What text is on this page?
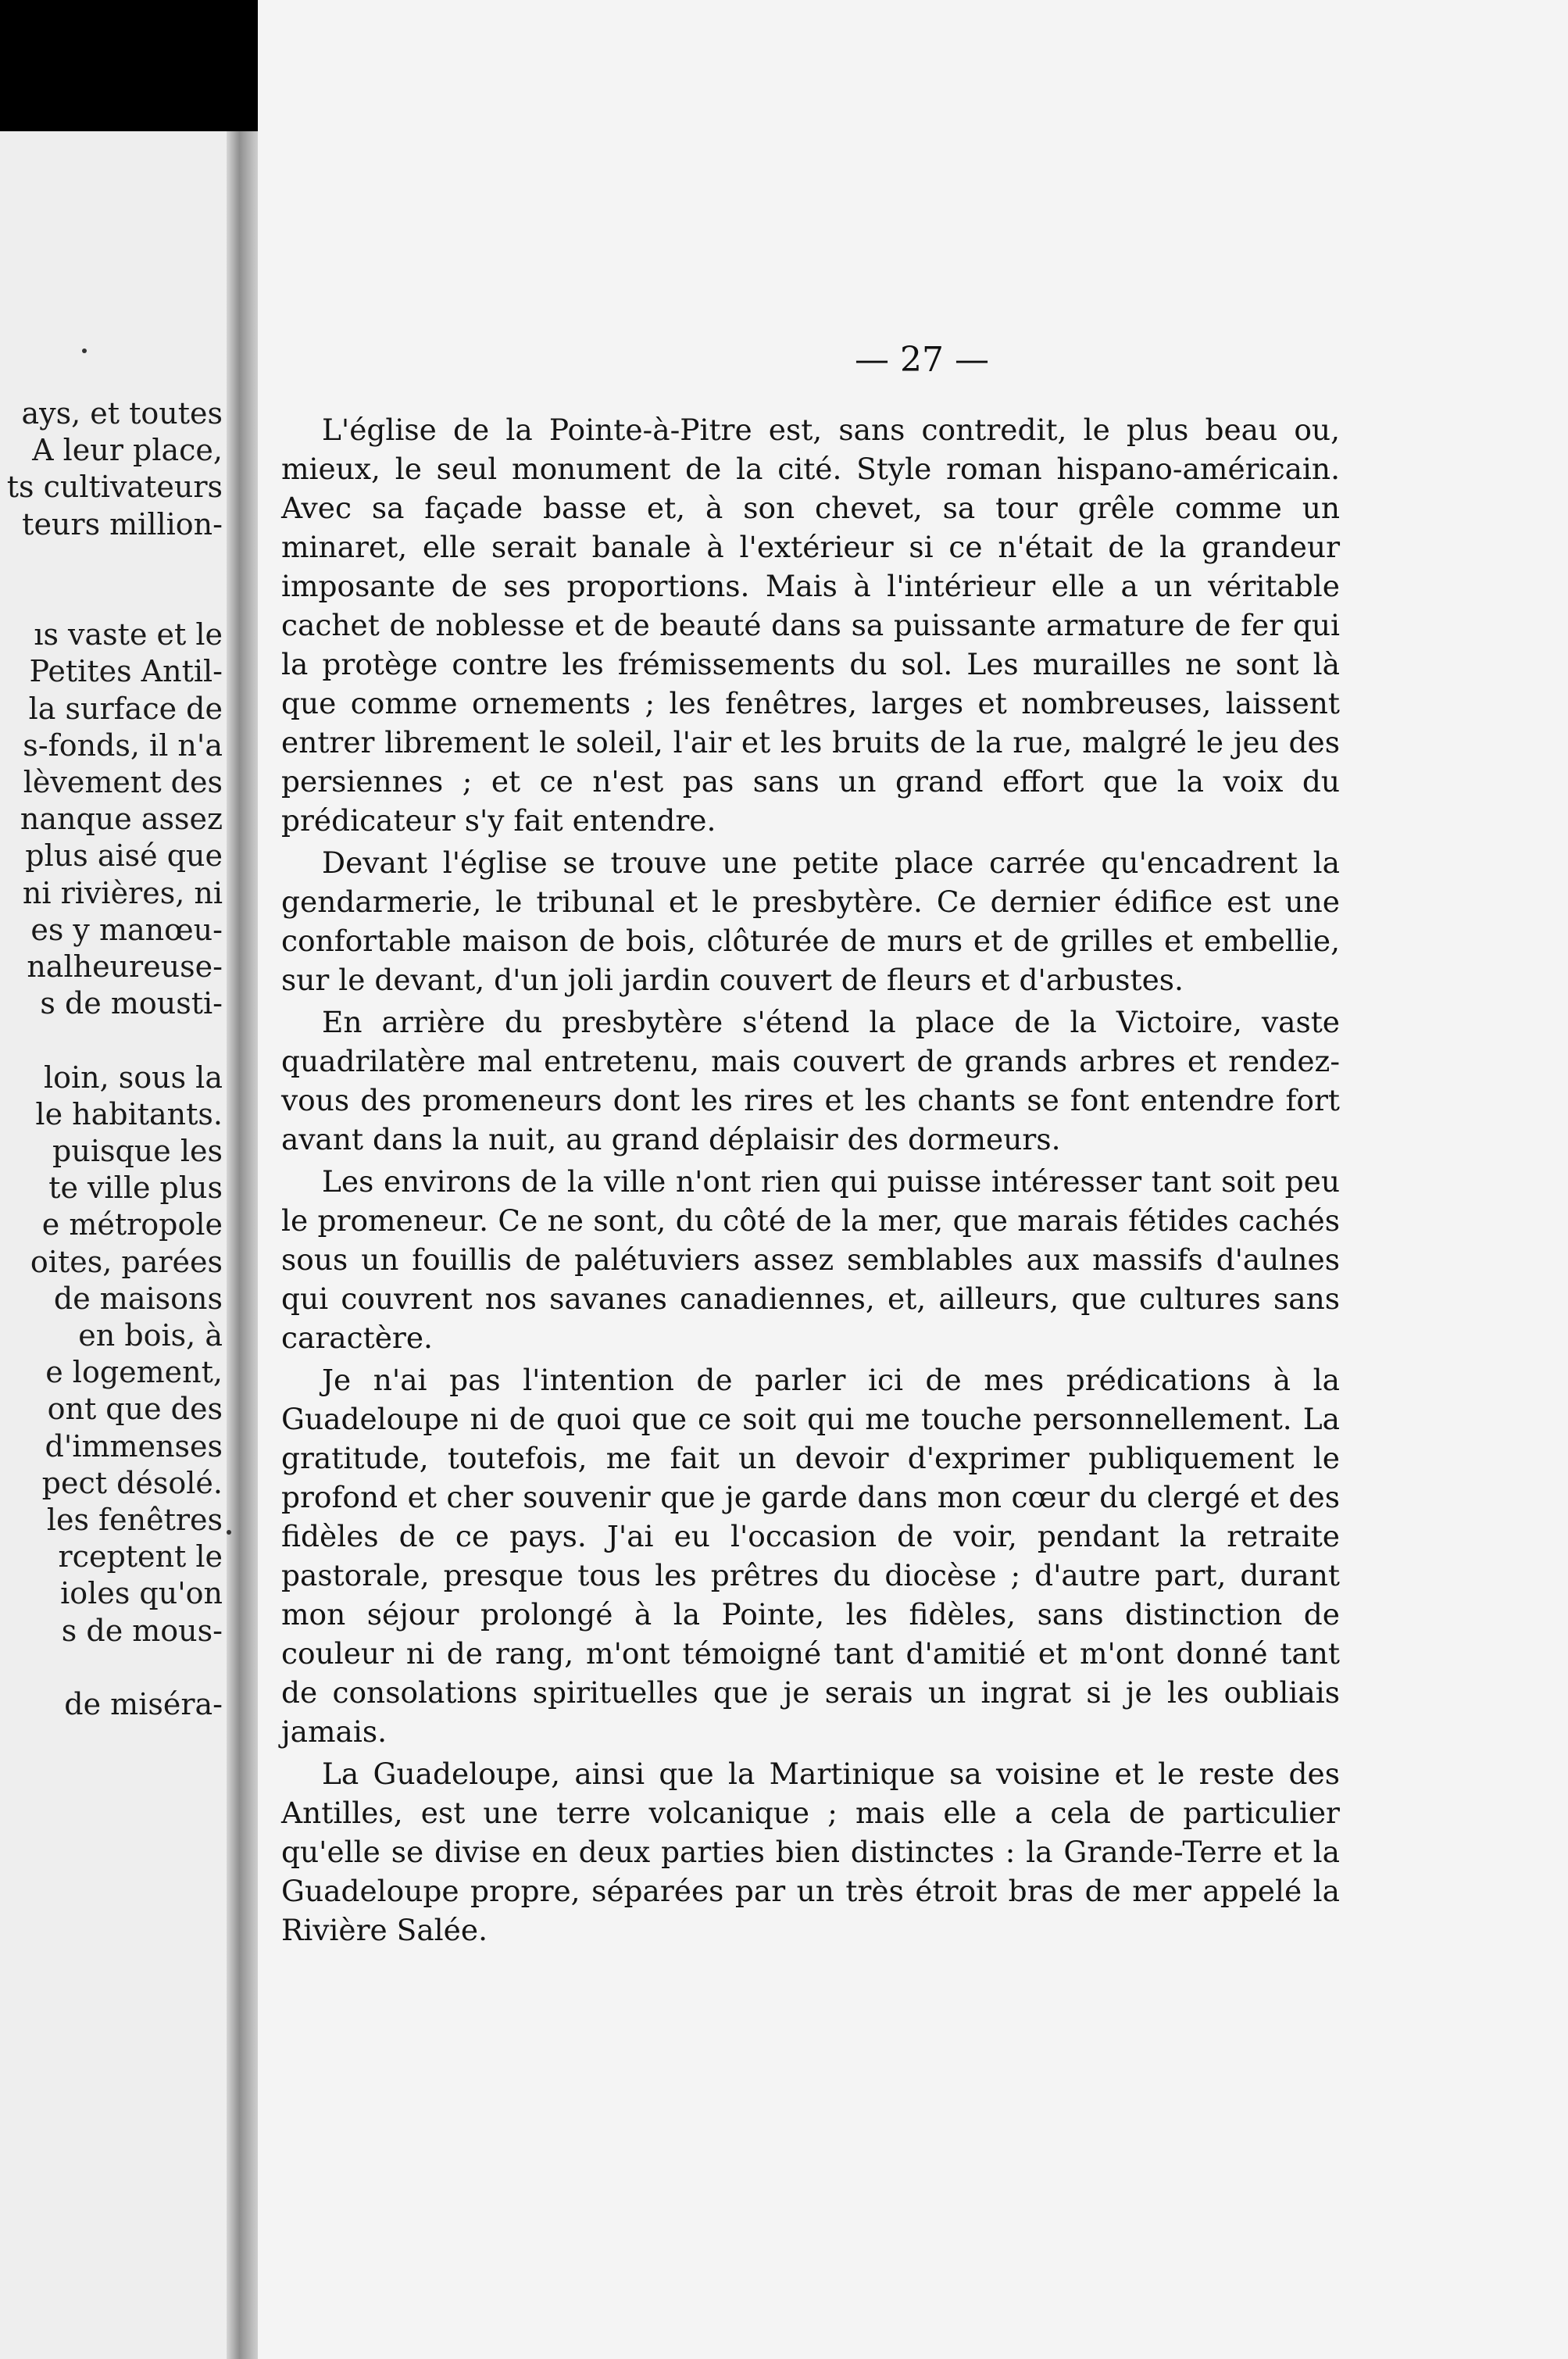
ays, et toutes
A leur place,
ts cultivateurs
teurs million-
ıs vaste et le
Petites Antil-
la surface de
s-fonds, il n'a
lèvement des
nanque assez
plus aisé que
ni rivières, ni
es y manœu-
nalheureuse-
s de mousti-
loin, sous la
le habitants.
puisque les
te ville plus
e métropole
oites, parées
de maisons
en bois, à
e logement,
ont que des
d'immenses
pect désolé.
les fenêtres
rceptent le
ioles qu'on
s de mous-
de miséra-
— 27 —

L'église de la Pointe-à-Pitre est, sans contredit, le plus beau ou, mieux, le seul monument de la cité. Style roman hispano-américain. Avec sa façade basse et, à son chevet, sa tour grêle comme un minaret, elle serait banale à l'extérieur si ce n'était de la grandeur imposante de ses proportions. Mais à l'intérieur elle a un véritable cachet de noblesse et de beauté dans sa puissante armature de fer qui la protège contre les frémissements du sol. Les murailles ne sont là que comme ornements ; les fenêtres, larges et nombreuses, laissent entrer librement le soleil, l'air et les bruits de la rue, malgré le jeu des persiennes ; et ce n'est pas sans un grand effort que la voix du prédicateur s'y fait entendre.

Devant l'église se trouve une petite place carrée qu'encadrent la gendarmerie, le tribunal et le presbytère. Ce dernier édifice est une confortable maison de bois, clôturée de murs et de grilles et embellie, sur le devant, d'un joli jardin couvert de fleurs et d'arbustes.

En arrière du presbytère s'étend la place de la Victoire, vaste quadrilatère mal entretenu, mais couvert de grands arbres et rendez-vous des promeneurs dont les rires et les chants se font entendre fort avant dans la nuit, au grand déplaisir des dormeurs.

Les environs de la ville n'ont rien qui puisse intéresser tant soit peu le promeneur. Ce ne sont, du côté de la mer, que marais fétides cachés sous un fouillis de palétuviers assez semblables aux massifs d'aulnes qui couvrent nos savanes canadiennes, et, ailleurs, que cultures sans caractère.

Je n'ai pas l'intention de parler ici de mes prédications à la Guadeloupe ni de quoi que ce soit qui me touche personnellement. La gratitude, toutefois, me fait un devoir d'exprimer publiquement le profond et cher souvenir que je garde dans mon cœur du clergé et des fidèles de ce pays. J'ai eu l'occasion de voir, pendant la retraite pastorale, presque tous les prêtres du diocèse ; d'autre part, durant mon séjour prolongé à la Pointe, les fidèles, sans distinction de couleur ni de rang, m'ont témoigné tant d'amitié et m'ont donné tant de consolations spirituelles que je serais un ingrat si je les oubliais jamais.

La Guadeloupe, ainsi que la Martinique sa voisine et le reste des Antilles, est une terre volcanique ; mais elle a cela de particulier qu'elle se divise en deux parties bien distinctes : la Grande-Terre et la Guadeloupe propre, séparées par un très étroit bras de mer appelé la Rivière Salée.
